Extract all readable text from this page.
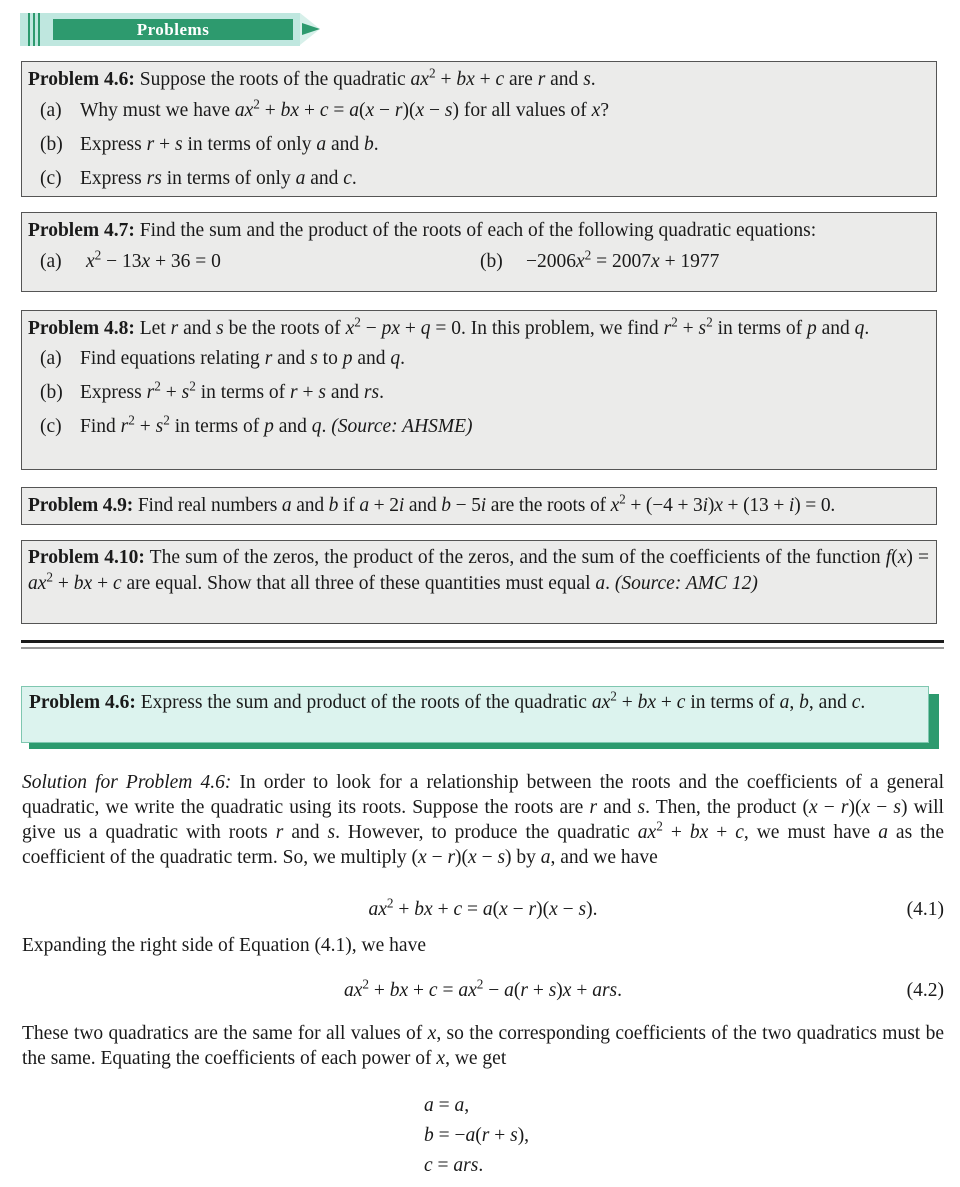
Problems
Problem 4.6: Suppose the roots of the quadratic $ax^2$ + bx + c are r and s.
(a) Why must we have $ax^2$ + bx + c = a(x − r)(x − s) for all values of x?
(b) Express r + s in terms of only a and b.
(c) Express rs in terms of only a and c.
Problem 4.7: Find the sum and the product of the roots of each of the following quadratic equations:
(a)	$x^2 - 13x + 36 = 0$	(b)	$-2006x^2 = 2007x + 1977$
Problem 4.8: Let r and s be the roots of $x^2$ − px + q = 0. In this problem, we find $r^2 + s^2$ in terms of p and q.
(a) Find equations relating r and s to p and q.
(b) Express $r^2 + s^2$ in terms of r + s and rs.
(c) Find $r^2 + s^2$ in terms of p and q. (Source: AHSME)
Problem 4.9: Find real numbers a and b if a + 2i and b − 5i are the roots of $x^2 + (-4 + 3i)x + (13 + i) = 0$.
Problem 4.10: The sum of the zeros, the product of the zeros, and the sum of the coefficients of the function $f(x) = ax^2$ + bx + c are equal. Show that all three of these quantities must equal a. (Source: AMC 12)
Problem 4.6: Express the sum and product of the roots of the quadratic $ax^2$ + bx + c in terms of a, b, and c.
Solution for Problem 4.6: In order to look for a relationship between the roots and the coefficients of a general quadratic, we write the quadratic using its roots. Suppose the roots are r and s. Then, the product (x − r)(x − s) will give us a quadratic with roots r and s. However, to produce the quadratic $ax^2$ + bx + c, we must have a as the coefficient of the quadratic term. So, we multiply (x − r)(x − s) by a, and we have
$ax^2$ + bx + c = a(x − r)(x − s).	(4.1)
Expanding the right side of Equation (4.1), we have
$ax^2$ + bx + $c = ax^2 - a(r + s)x$ + ars.	(4.2)
These two quadratics are the same for all values of x, so the corresponding coefficients of the two quadratics must be the same. Equating the coefficients of each power of x, we get
a = a,
b = −a(r + s),
c = ars.
